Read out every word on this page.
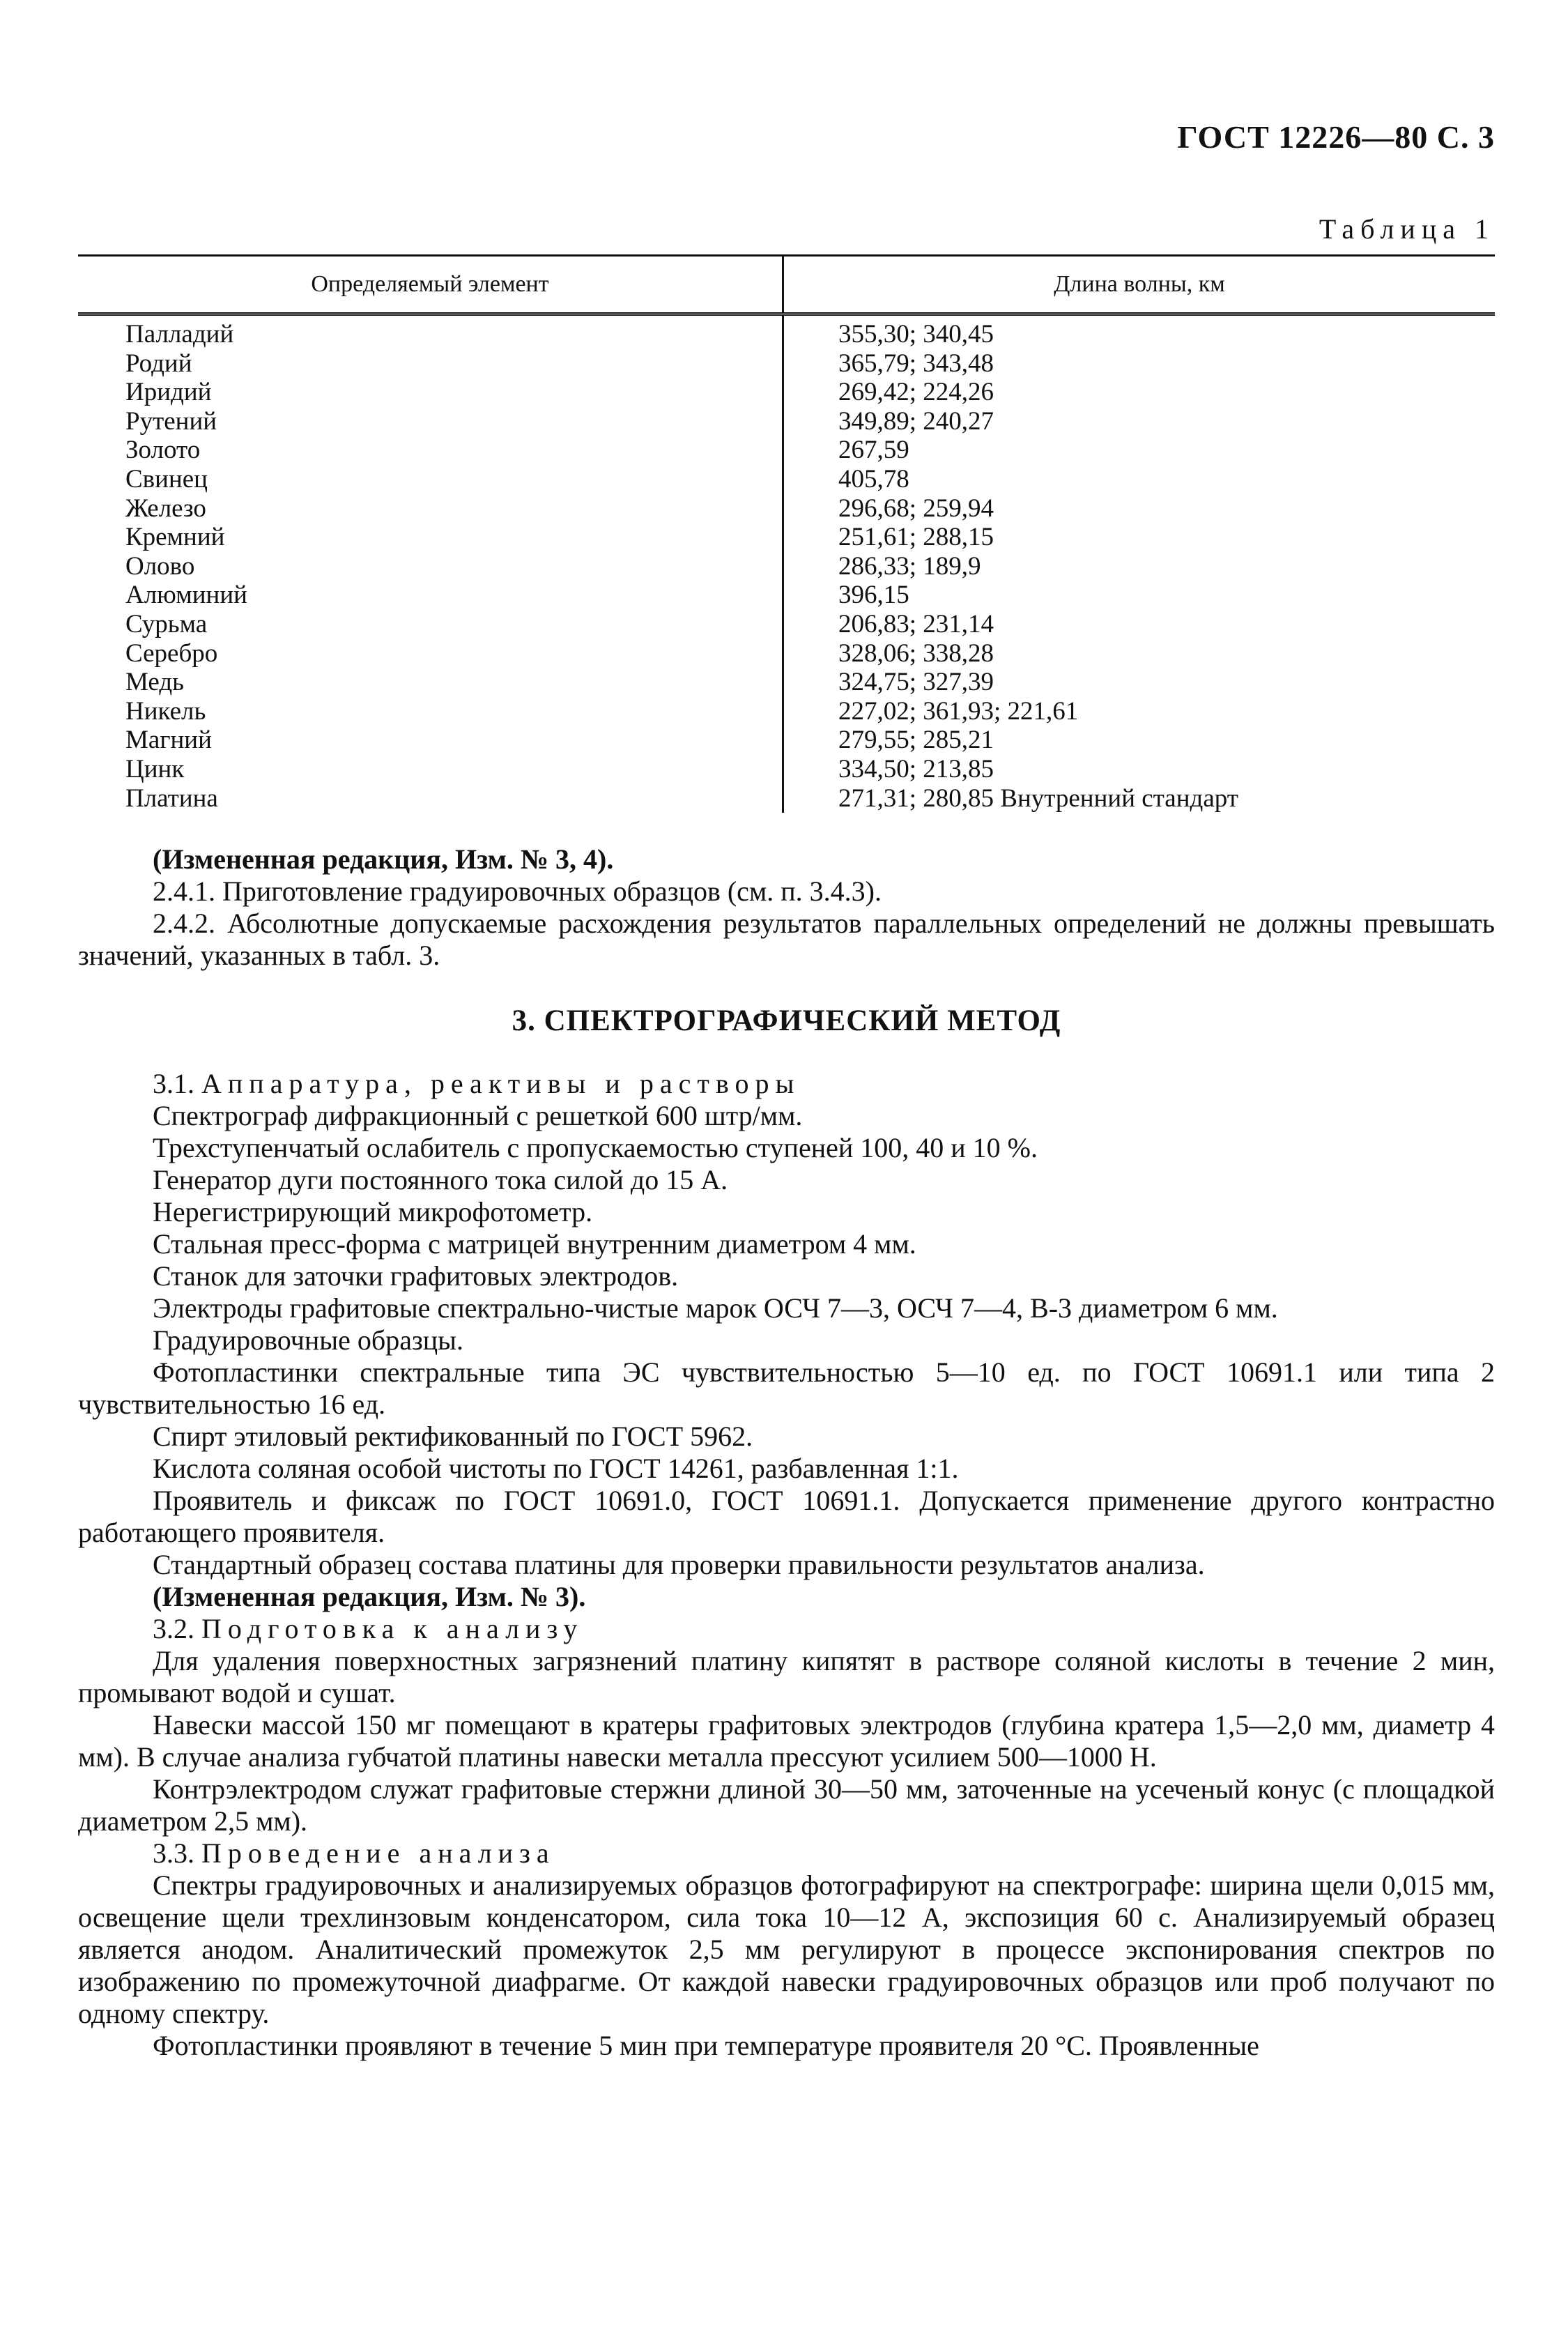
ГОСТ 12226—80 С. 3
Таблица 1
Определяемый элемент	Длина волны, км
Палладий
Родий
Иридий
Рутений
Золото
Свинец
Железо
Кремний
Олово
Алюминий
Сурьма
Серебро
Медь
Никель
Магний
Цинк
Платина
355,30; 340,45
365,79; 343,48
269,42; 224,26
349,89; 240,27
267,59
405,78
296,68; 259,94
251,61; 288,15
286,33; 189,9
396,15
206,83; 231,14
328,06; 338,28
324,75; 327,39
227,02; 361,93; 221,61
279,55; 285,21
334,50; 213,85
271,31; 280,85 Внутренний стандарт

(Измененная редакция, Изм. № 3, 4).

2.4.1. Приготовление градуировочных образцов (см. п. 3.4.3).

2.4.2. Абсолютные допускаемые расхождения результатов параллельных определений не должны превышать значений, указанных в табл. 3.

3. СПЕКТРОГРАФИЧЕСКИЙ МЕТОД

3.1. Аппаратура, реактивы и растворы

Спектрограф дифракционный с решеткой 600 штр/мм.

Трехступенчатый ослабитель с пропускаемостью ступеней 100, 40 и 10 %.

Генератор дуги постоянного тока силой до 15 А.

Нерегистрирующий микрофотометр.

Стальная пресс-форма с матрицей внутренним диаметром 4 мм.

Станок для заточки графитовых электродов.

Электроды графитовые спектрально-чистые марок ОСЧ 7—3, ОСЧ 7—4, В-3 диаметром 6 мм.

Градуировочные образцы.

Фотопластинки спектральные типа ЭС чувствительностью 5—10 ед. по ГОСТ 10691.1 или типа 2 чувствительностью 16 ед.

Спирт этиловый ректификованный по ГОСТ 5962.

Кислота соляная особой чистоты по ГОСТ 14261, разбавленная 1:1.

Проявитель и фиксаж по ГОСТ 10691.0, ГОСТ 10691.1. Допускается применение другого контрастно работающего проявителя.

Стандартный образец состава платины для проверки правильности результатов анализа.

(Измененная редакция, Изм. № 3).

3.2. Подготовка к анализу

Для удаления поверхностных загрязнений платину кипятят в растворе соляной кислоты в течение 2 мин, промывают водой и сушат.

Навески массой 150 мг помещают в кратеры графитовых электродов (глубина кратера 1,5—2,0 мм, диаметр 4 мм). В случае анализа губчатой платины навески металла прессуют усилием 500—1000 Н.

Контрэлектродом служат графитовые стержни длиной 30—50 мм, заточенные на усеченый конус (с площадкой диаметром 2,5 мм).

3.3. Проведение анализа

Спектры градуировочных и анализируемых образцов фотографируют на спектрографе: ширина щели 0,015 мм, освещение щели трехлинзовым конденсатором, сила тока 10—12 А, экспозиция 60 с. Анализируемый образец является анодом. Аналитический промежуток 2,5 мм регулируют в процессе экспонирования спектров по изображению по промежуточной диафрагме. От каждой навески градуировочных образцов или проб получают по одному спектру.

Фотопластинки проявляют в течение 5 мин при температуре проявителя 20 °С. Проявленные
